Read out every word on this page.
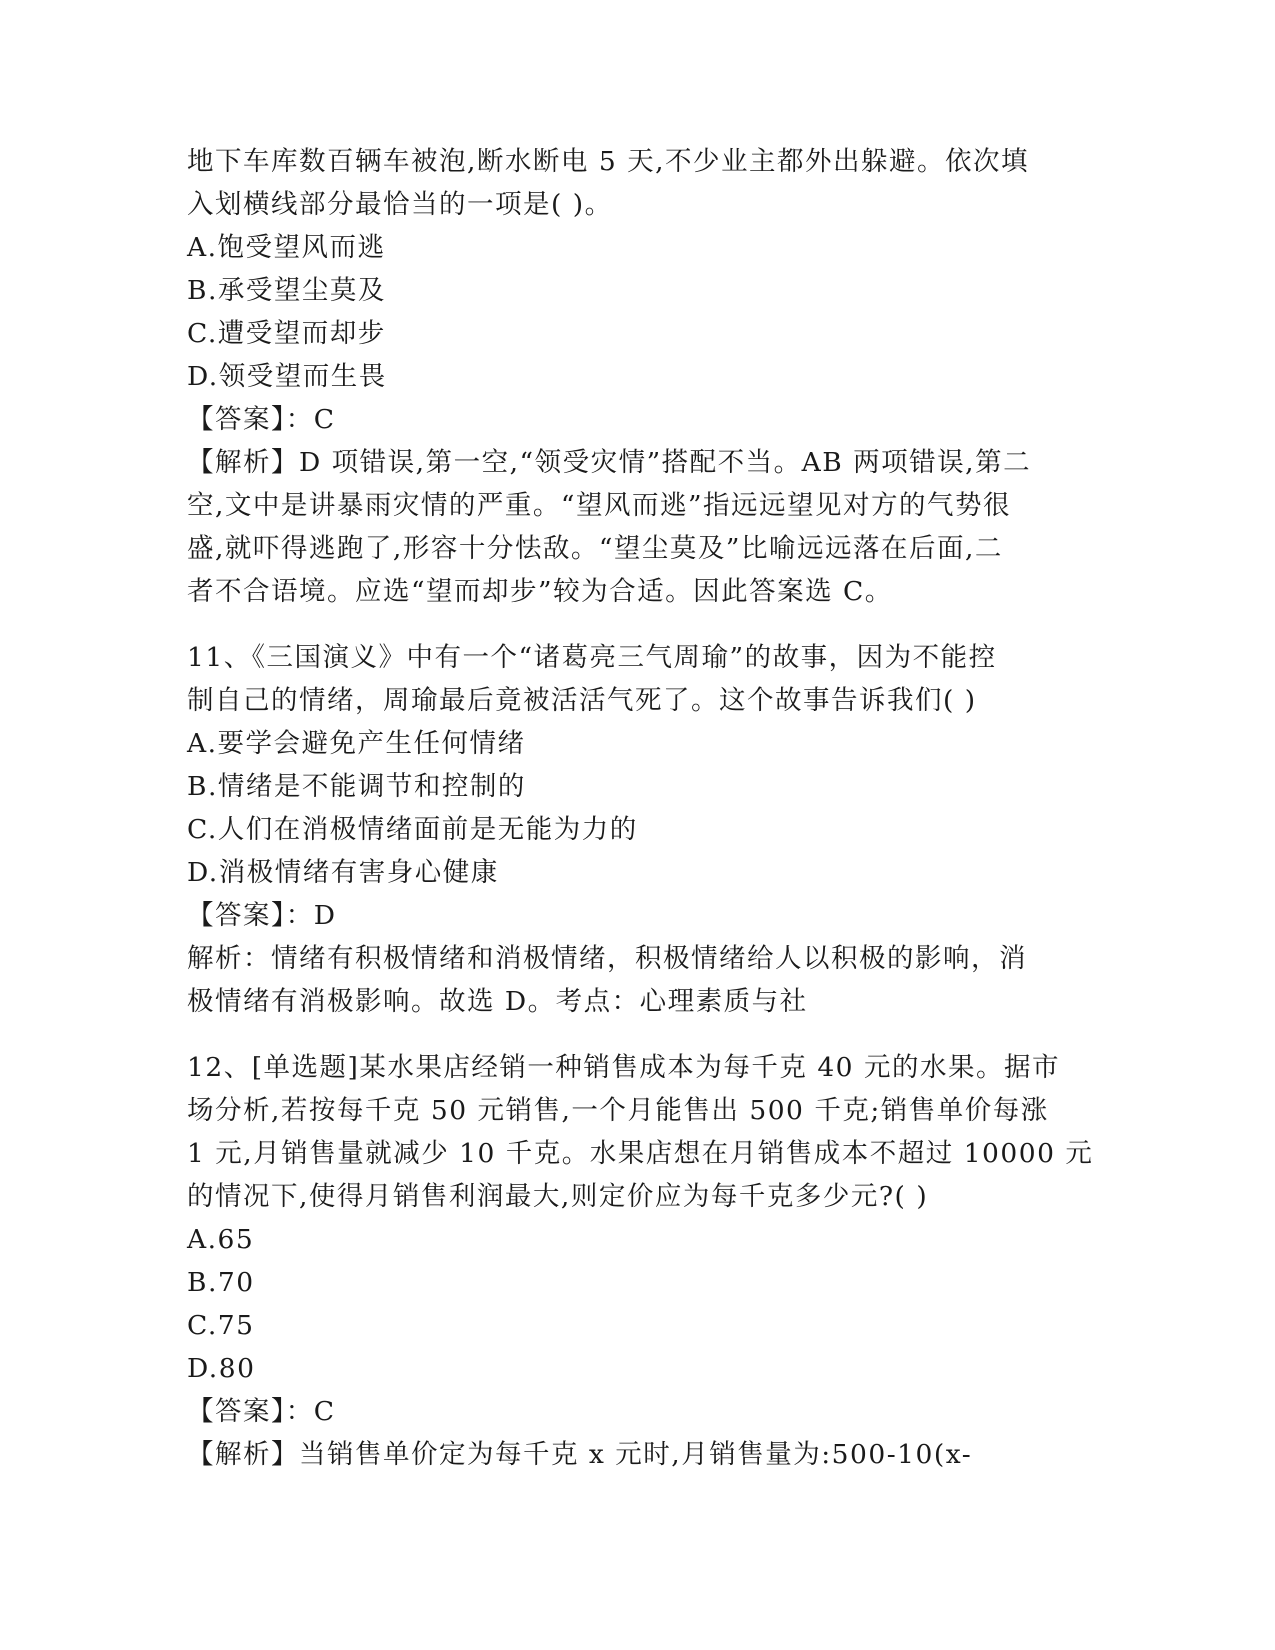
地下车库数百辆车被泡,断水断电 5 天,不少业主都外出躲避。依次填
入划横线部分最恰当的一项是( )。
A.饱受望风而逃
B.承受望尘莫及
C.遭受望而却步
D.领受望而生畏
【答案】：C
【解析】D 项错误,第一空,“领受灾情”搭配不当。AB 两项错误,第二
空,文中是讲暴雨灾情的严重。“望风而逃”指远远望见对方的气势很
盛,就吓得逃跑了,形容十分怯敌。“望尘莫及”比喻远远落在后面,二
者不合语境。应选“望而却步”较为合适。因此答案选 C。
11、《三国演义》中有一个“诸葛亮三气周瑜”的故事，因为不能控
制自己的情绪，周瑜最后竟被活活气死了。这个故事告诉我们( )
A.要学会避免产生任何情绪
B.情绪是不能调节和控制的
C.人们在消极情绪面前是无能为力的
D.消极情绪有害身心健康
【答案】：D
解析：情绪有积极情绪和消极情绪，积极情绪给人以积极的影响，消
极情绪有消极影响。故选 D。考点：心理素质与社
12、[单选题]某水果店经销一种销售成本为每千克 40 元的水果。据市
场分析,若按每千克 50 元销售,一个月能售出 500 千克;销售单价每涨
1 元,月销售量就减少 10 千克。水果店想在月销售成本不超过 10000 元
的情况下,使得月销售利润最大,则定价应为每千克多少元?( )
A.65
B.70
C.75
D.80
【答案】：C
【解析】当销售单价定为每千克 x 元时,月销售量为:500-10(x-
